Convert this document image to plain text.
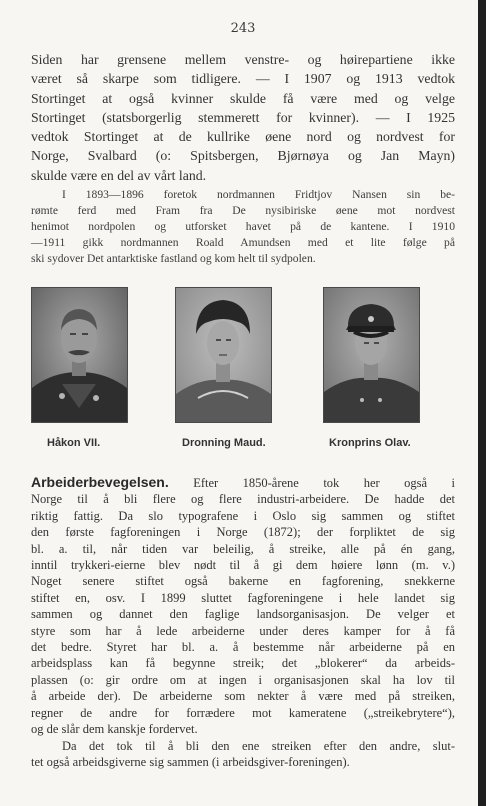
243

Siden har grensene mellem venstre- og høirepartiene ikke
været så skarpe som tidligere. — I 1907 og 1913 vedtok
Stortinget at også kvinner skulde få være med og velge
Stortinget (statsborgerlig stemmerett for kvinner). — I 1925
vedtok Stortinget at de kullrike øene nord og nordvest for
Norge, Svalbard (o: Spitsbergen, Bjørnøya og Jan Mayn)
skulde være en del av vårt land.

I 1893—1896 foretok nordmannen Fridtjov Nansen sin be-
rømte ferd med Fram fra De nysibiriske øene mot nordvest
henimot nordpolen og utforsket havet på de kantene. I 1910
—1911 gikk nordmannen Roald Amundsen med et lite følge på
ski sydover Det antarktiske fastland og kom helt til sydpolen.

Håkon VII.	Dronning Maud.	Kronprins Olav.

Arbeiderbevegelsen. Efter 1850-årene tok her også i
Norge til å bli flere og flere industri-arbeidere. De hadde det
riktig fattig. Da slo typografene i Oslo sig sammen og stiftet
den første fagforeningen i Norge (1872); der forpliktet de sig
bl. a. til, når tiden var beleilig, å streike, alle på én gang,
inntil trykkeri-eierne blev nødt til å gi dem høiere lønn (m. v.)
Noget senere stiftet også bakerne en fagforening, snekkerne
stiftet en, osv. I 1899 sluttet fagforeningene i hele landet sig
sammen og dannet den faglige landsorganisasjon. De velger et
styre som har å lede arbeiderne under deres kamper for å få
det bedre. Styret har bl. a. å bestemme når arbeiderne på en
arbeidsplass kan få begynne streik; det „blokerer“ da arbeids-
plassen (o: gir ordre om at ingen i organisasjonen skal ha lov til
å arbeide der). De arbeiderne som nekter å være med på streiken,
regner de andre for forrædere mot kameratene („streikebrytere“),
og de slår dem kanskje fordervet.
Da det tok til å bli den ene streiken efter den andre, slut-
tet også arbeidsgiverne sig sammen (i arbeidsgiver-foreningen).
